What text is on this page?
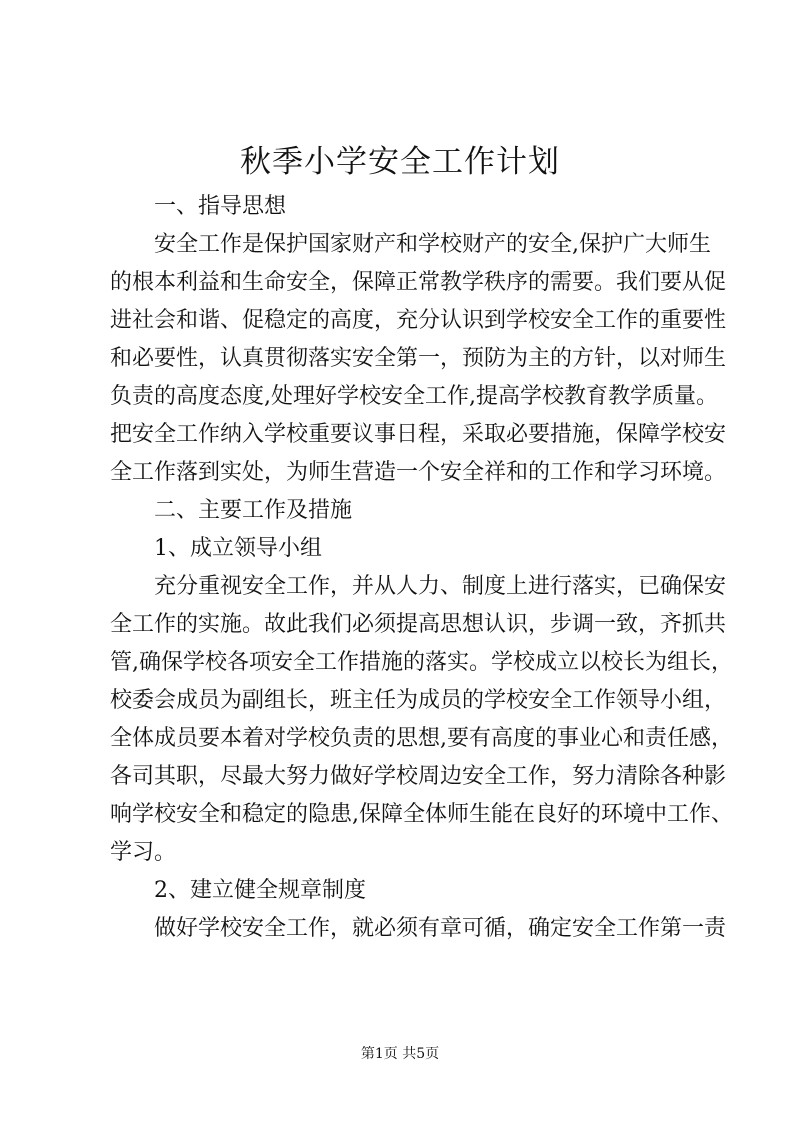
秋季小学安全工作计划
一、指导思想
安全工作是保护国家财产和学校财产的安全,保护广大师生
的根本利益和生命安全，保障正常教学秩序的需要。我们要从促
进社会和谐、促稳定的高度，充分认识到学校安全工作的重要性
和必要性，认真贯彻落实安全第一，预防为主的方针，以对师生
负责的高度态度,处理好学校安全工作,提高学校教育教学质量。
把安全工作纳入学校重要议事日程，采取必要措施，保障学校安
全工作落到实处，为师生营造一个安全祥和的工作和学习环境。
二、主要工作及措施
1、成立领导小组
充分重视安全工作，并从人力、制度上进行落实，已确保安
全工作的实施。故此我们必须提高思想认识，步调一致，齐抓共
管,确保学校各项安全工作措施的落实。学校成立以校长为组长，
校委会成员为副组长，班主任为成员的学校安全工作领导小组，
全体成员要本着对学校负责的思想,要有高度的事业心和责任感，
各司其职，尽最大努力做好学校周边安全工作，努力清除各种影
响学校安全和稳定的隐患,保障全体师生能在良好的环境中工作、
学习。
2、建立健全规章制度
做好学校安全工作，就必须有章可循，确定安全工作第一责
第1页 共5页
